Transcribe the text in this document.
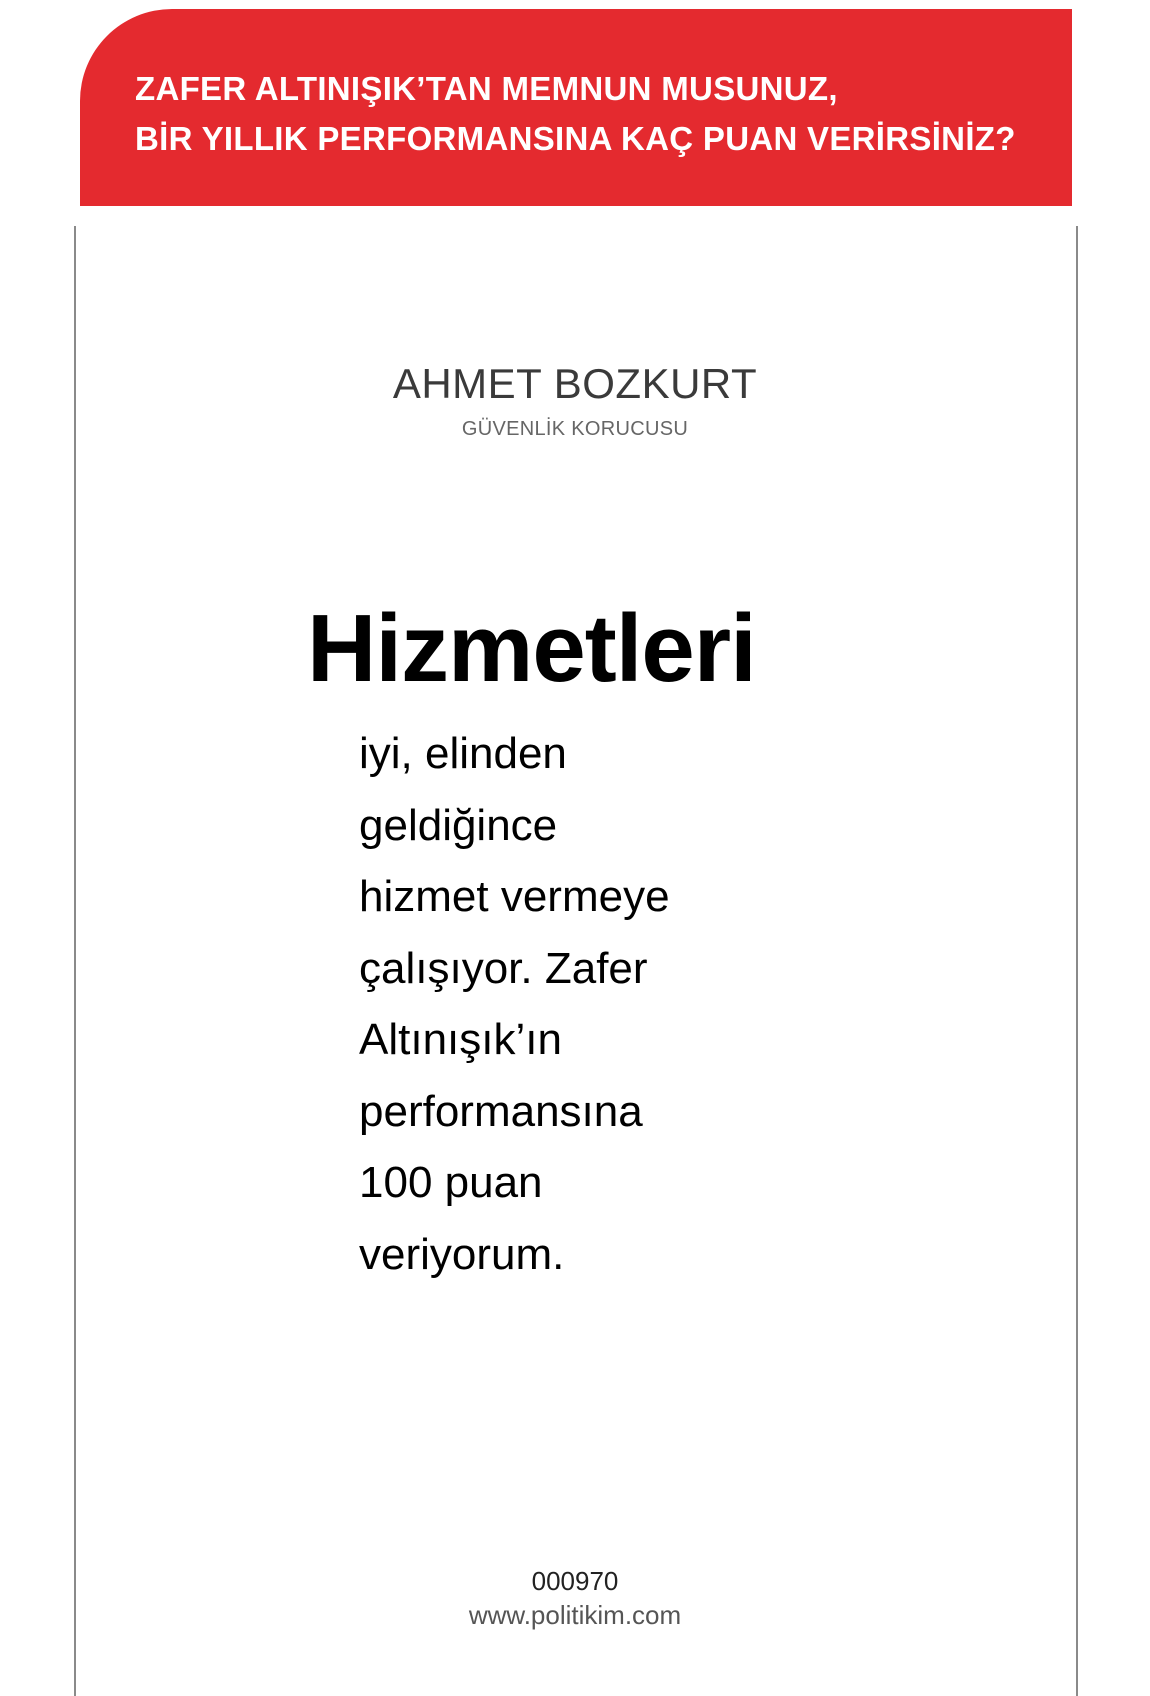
ZAFER ALTINIŞIK’TAN MEMNUN MUSUNUZ,
BİR YILLIK PERFORMANSINA KAÇ PUAN VERİRSİNİZ?
AHMET BOZKURT
GÜVENLİK KORUCUSU
Hizmetleri
iyi, elinden
geldiğince
hizmet vermeye
çalışıyor. Zafer
Altınışık’ın
performansına
100 puan
veriyorum.
000970
www.politikim.com
